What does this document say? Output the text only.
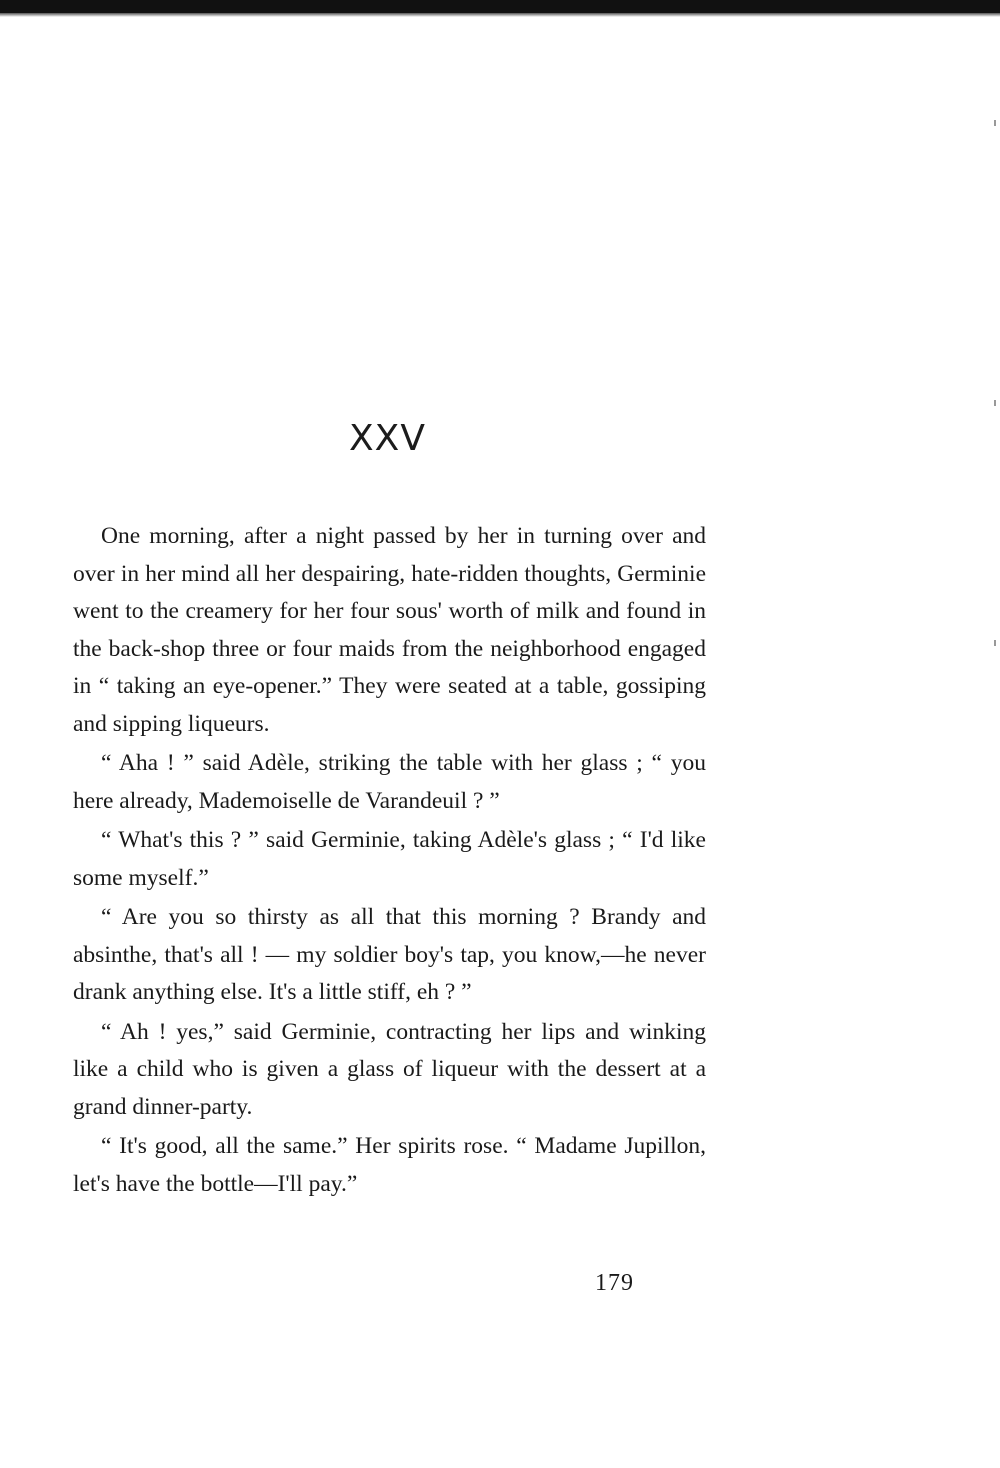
XXV

One morning, after a night passed by her in turning over and over in her mind all her despairing, hate-ridden thoughts, Germinie went to the creamery for her four sous' worth of milk and found in the back-shop three or four maids from the neighborhood engaged in “ taking an eye-opener.” They were seated at a table, gossiping and sipping liqueurs.

“ Aha ! ” said Adèle, striking the table with her glass ; “ you here already, Mademoiselle de Varandeuil ? ”

“ What's this ? ” said Germinie, taking Adèle's glass ; “ I'd like some myself.”

“ Are you so thirsty as all that this morning ? Brandy and absinthe, that's all ! — my soldier boy's tap, you know,—he never drank anything else. It's a little stiff, eh ? ”

“ Ah ! yes,” said Germinie, contracting her lips and winking like a child who is given a glass of liqueur with the dessert at a grand dinner-party.

“ It's good, all the same.” Her spirits rose. “ Madame Jupillon, let's have the bottle—I'll pay.”

179
